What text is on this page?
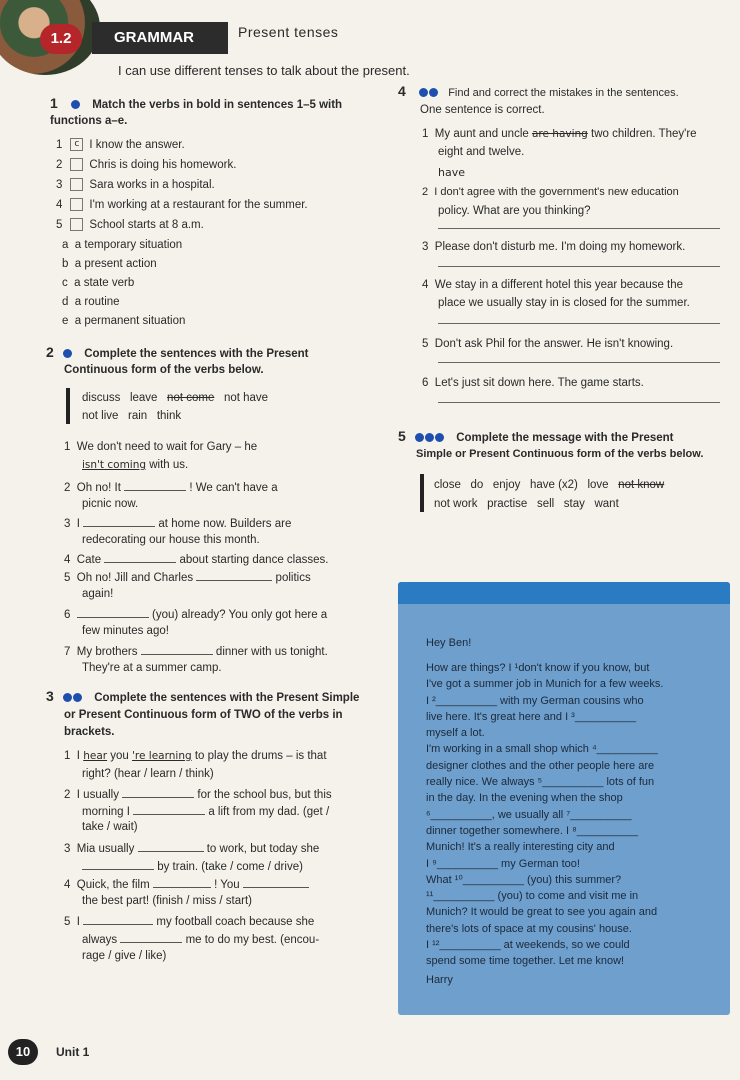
1.2	GRAMMAR	Present tenses
I can use different tenses to talk about the present.
1	Match the verbs in bold in sentences 1–5 with
functions a–e.
1 c I know the answer.
2 Chris is doing his homework.
3 Sara works in a hospital.
4 I'm working at a restaurant for the summer.
5 School starts at 8 a.m.
a a temporary situation
b a present action
c a state verb
d a routine
e a permanent situation
2	Complete the sentences with the Present
Continuous form of the verbs below.
discuss leave not come not have
not live rain think
1 We don't need to wait for Gary – he
isn't coming with us.
2 Oh no! It	! We can't have a
picnic now.
3 I	at home now. Builders are
redecorating our house this month.
4 Cate	about starting dance classes.
5 Oh no! Jill and Charles	politics
again!
6	(you) already? You only got here a
few minutes ago!
7 My brothers	dinner with us tonight.
They're at a summer camp.
3	Complete the sentences with the Present Simple
or Present Continuous form of TWO of the verbs in
brackets.
1 I hear you 're learning to play the drums – is that
right? (hear / learn / think)
2 I usually	for the school bus, but this
morning I	a lift from my dad. (get /
take / wait)
3 Mia usually	to work, but today she
by train. (take / come / drive)
4 Quick, the film	! You
the best part! (finish / miss / start)
5 I	my football coach because she
always	me to do my best. (encou-
rage / give / like)
4	Find and correct the mistakes in the sentences.
One sentence is correct.
1 My aunt and uncle are having two children. They're
eight and twelve.
have
2 I don't agree with the government's new education
policy. What are you thinking?
3 Please don't disturb me. I'm doing my homework.
4 We stay in a different hotel this year because the
place we usually stay in is closed for the summer.
5 Don't ask Phil for the answer. He isn't knowing.
6 Let's just sit down here. The game starts.
5	Complete the message with the Present
Simple or Present Continuous form of the verbs below.
close do enjoy have (x2) love not know
not work practise sell stay want
Hey Ben!
How are things? I ¹don't know if you know, but
I've got a summer job in Munich for a few weeks.
I ²__________ with my German cousins who
live here. It's great here and I ³__________
myself a lot.
I'm working in a small shop which ⁴__________
designer clothes and the other people here are
really nice. We always ⁵__________ lots of fun
in the day. In the evening when the shop
⁶__________, we usually all ⁷__________
dinner together somewhere. I ⁸__________
Munich! It's a really interesting city and
I ⁹__________ my German too!
What ¹⁰__________ (you) this summer?
¹¹__________ (you) to come and visit me in
Munich? It would be great to see you again and
there's lots of space at my cousins' house.
I ¹²__________ at weekends, so we could
spend some time together. Let me know!
Harry
10	Unit 1
